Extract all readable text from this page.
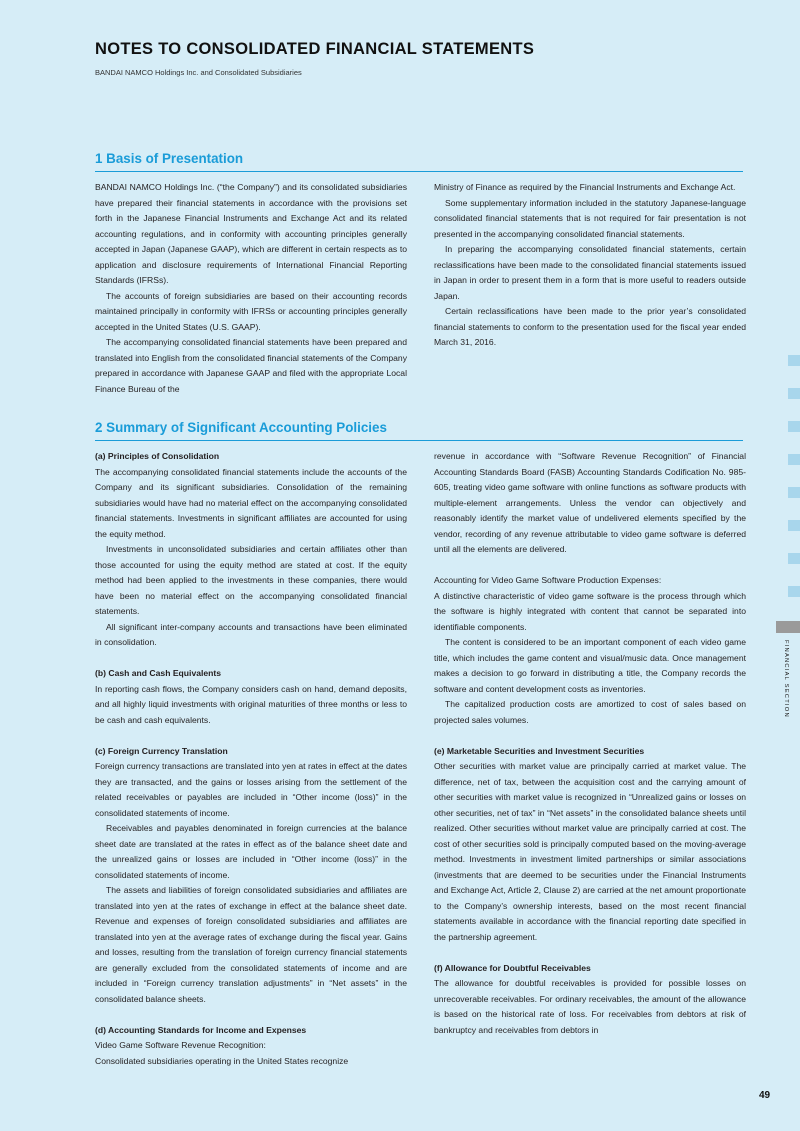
NOTES TO CONSOLIDATED FINANCIAL STATEMENTS
BANDAI NAMCO Holdings Inc. and Consolidated Subsidiaries
1 Basis of Presentation

BANDAI NAMCO Holdings Inc. (“the Company”) and its consolidated subsidiaries have prepared their financial statements in accordance with the provisions set forth in the Japanese Financial Instruments and Exchange Act and its related accounting regulations, and in conformity with accounting principles generally accepted in Japan (Japanese GAAP), which are different in certain respects as to application and disclosure requirements of International Financial Reporting Standards (IFRSs).

The accounts of foreign subsidiaries are based on their accounting records maintained principally in conformity with IFRSs or accounting principles generally accepted in the United States (U.S. GAAP).

The accompanying consolidated financial statements have been prepared and translated into English from the consolidated financial statements of the Company prepared in accordance with Japanese GAAP and filed with the appropriate Local Finance Bureau of the

Ministry of Finance as required by the Financial Instruments and Exchange Act.

Some supplementary information included in the statutory Japanese-language consolidated financial statements that is not required for fair presentation is not presented in the accompanying consolidated financial statements.

In preparing the accompanying consolidated financial statements, certain reclassifications have been made to the consolidated financial statements issued in Japan in order to present them in a form that is more useful to readers outside Japan.

Certain reclassifications have been made to the prior year’s consolidated financial statements to conform to the presentation used for the fiscal year ended March 31, 2016.

2 Summary of Significant Accounting Policies
(a) Principles of Consolidation

The accompanying consolidated financial statements include the accounts of the Company and its significant subsidiaries. Consolidation of the remaining subsidiaries would have had no material effect on the accompanying consolidated financial statements. Investments in significant affiliates are accounted for using the equity method.

Investments in unconsolidated subsidiaries and certain affiliates other than those accounted for using the equity method are stated at cost. If the equity method had been applied to the investments in these companies, there would have been no material effect on the accompanying consolidated financial statements.

All significant inter-company accounts and transactions have been eliminated in consolidation.

(b) Cash and Cash Equivalents

In reporting cash flows, the Company considers cash on hand, demand deposits, and all highly liquid investments with original maturities of three months or less to be cash and cash equivalents.

(c) Foreign Currency Translation

Foreign currency transactions are translated into yen at rates in effect at the dates they are transacted, and the gains or losses arising from the settlement of the related receivables or payables are included in “Other income (loss)” in the consolidated statements of income.

Receivables and payables denominated in foreign currencies at the balance sheet date are translated at the rates in effect as of the balance sheet date and the unrealized gains or losses are included in “Other income (loss)” in the consolidated statements of income.

The assets and liabilities of foreign consolidated subsidiaries and affiliates are translated into yen at the rates of exchange in effect at the balance sheet date. Revenue and expenses of foreign consolidated subsidiaries and affiliates are translated into yen at the average rates of exchange during the fiscal year. Gains and losses, resulting from the translation of foreign currency financial statements are generally excluded from the consolidated statements of income and are included in “Foreign currency translation adjustments” in “Net assets” in the consolidated balance sheets.

(d) Accounting Standards for Income and Expenses

Video Game Software Revenue Recognition:

Consolidated subsidiaries operating in the United States recognize

revenue in accordance with “Software Revenue Recognition” of Financial Accounting Standards Board (FASB) Accounting Standards Codification No. 985-605, treating video game software with online functions as software products with multiple-element arrangements. Unless the vendor can objectively and reasonably identify the market value of undelivered elements specified by the vendor, recording of any revenue attributable to video game software is deferred until all the elements are delivered.

Accounting for Video Game Software Production Expenses:

A distinctive characteristic of video game software is the process through which the software is highly integrated with content that cannot be separated into identifiable components.

The content is considered to be an important component of each video game title, which includes the game content and visual/music data. Once management makes a decision to go forward in distributing a title, the Company records the software and content development costs as inventories.

The capitalized production costs are amortized to cost of sales based on projected sales volumes.

(e) Marketable Securities and Investment Securities

Other securities with market value are principally carried at market value. The difference, net of tax, between the acquisition cost and the carrying amount of other securities with market value is recognized in “Unrealized gains or losses on other securities, net of tax” in “Net assets” in the consolidated balance sheets until realized. Other securities without market value are principally carried at cost. The cost of other securities sold is principally computed based on the moving-average method. Investments in investment limited partnerships or similar associations (investments that are deemed to be securities under the Financial Instruments and Exchange Act, Article 2, Clause 2) are carried at the net amount proportionate to the Company’s ownership interests, based on the most recent financial statements available in accordance with the financial reporting date specified in the partnership agreement.

(f) Allowance for Doubtful Receivables

The allowance for doubtful receivables is provided for possible losses on unrecoverable receivables. For ordinary receivables, the amount of the allowance is based on the historical rate of loss. For receivables from debtors at risk of bankruptcy and receivables from debtors in

FINANCIAL SECTION
49
